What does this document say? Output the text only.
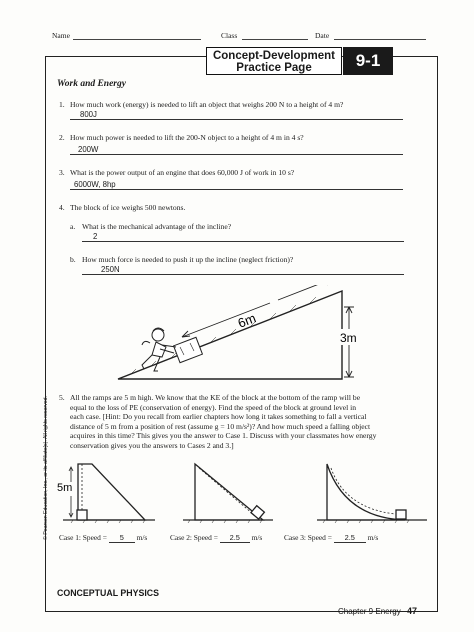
Name	Class	Date
Concept-Development
Practice Page	9-1
Work and Energy
1. How much work (energy) is needed to lift an object that weighs 200 N to a height of 4 m?
800J
2. How much power is needed to lift the 200-N object to a height of 4 m in 4 s?
200W
3. What is the power output of an engine that does 60,000 J of work in 10 s?
6000W, 8hp
4. The block of ice weighs 500 newtons.
a. What is the mechanical advantage of the incline?
2
b. How much force is needed to push it up the incline (neglect friction)?
250N
6m
3m
5. All the ramps are 5 m high. We know that the KE of the block at the bottom of the ramp will be
equal to the loss of PE (conservation of energy). Find the speed of the block at ground level in
each case. [Hint: Do you recall from earlier chapters how long it takes something to fall a vertical
distance of 5 m from a position of rest (assume g = 10 m/s²)? And how much speed a falling object
acquires in this time? This gives you the answer to Case 1. Discuss with your classmates how energy
conservation gives you the answers to Cases 2 and 3.]
5m
Case 1: Speed = 5 m/s	Case 2: Speed = 2.5 m/s	Case 3: Speed = 2.5 m/s
CONCEPTUAL PHYSICS
Chapter 9 Energy 47
© Pearson Education, Inc., or its affiliate(s). All rights reserved.
